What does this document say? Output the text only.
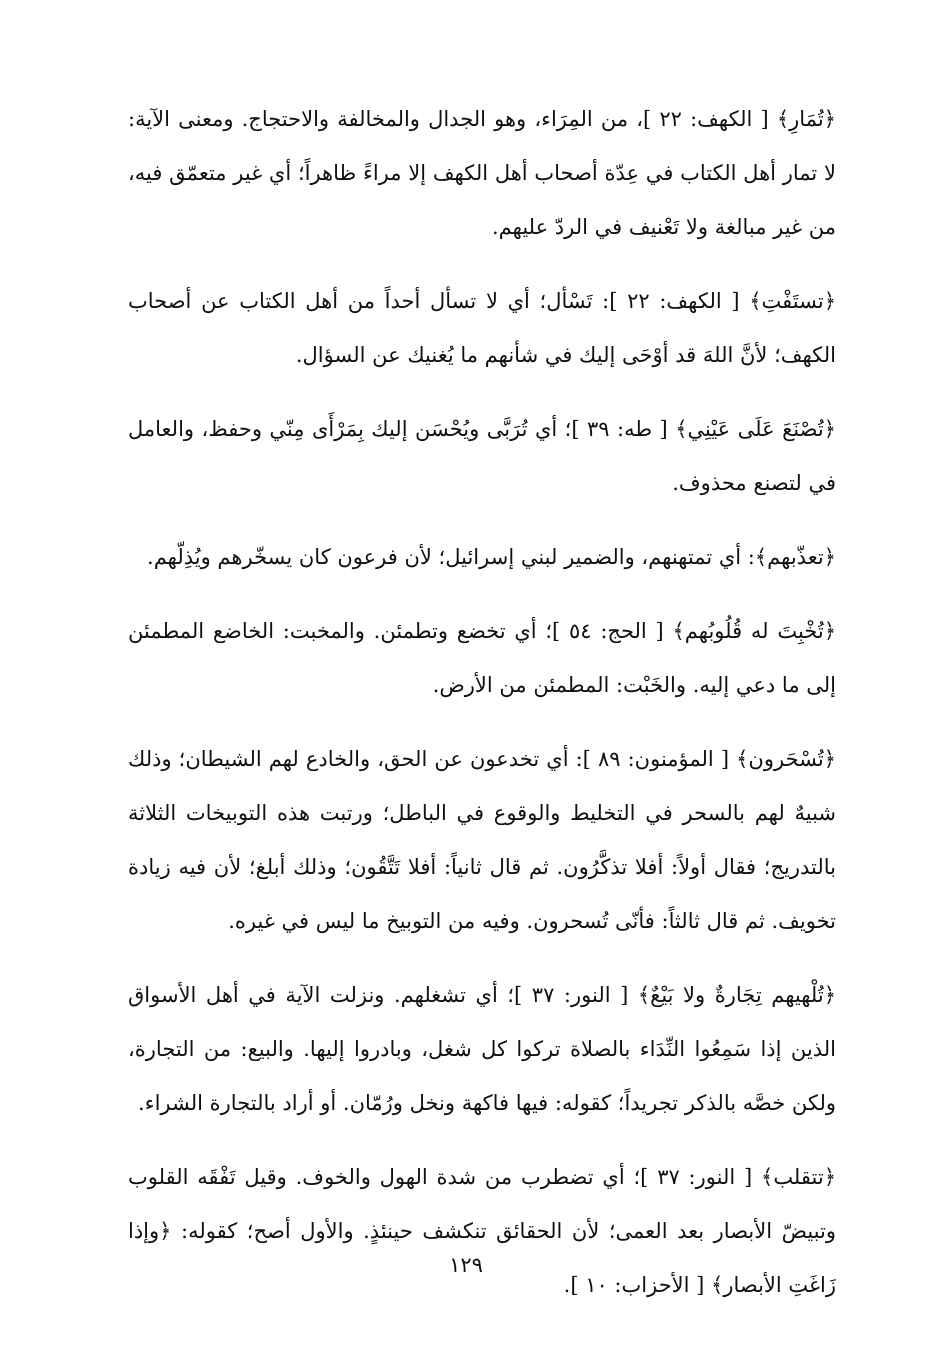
﴿تُمَارِ﴾ [ الكهف: ٢٢ ]، من المِرَاء، وهو الجدال والمخالفة والاحتجاج. ومعنى الآية: لا تمار أهل الكتاب في عِدّة أصحاب أهل الكهف إلا مراءً ظاهراً؛ أي غير متعمّق فيه، من غير مبالغة ولا تَعْنيف في الردّ عليهم.

﴿تستَفْتِ﴾ [ الكهف: ٢٢ ]: تَسْأل؛ أي لا تسأل أحداً من أهل الكتاب عن أصحاب الكهف؛ لأنَّ اللهَ قد أوْحَى إليك في شأنهم ما يُغنيك عن السؤال.

﴿تُصْنَعَ عَلَى عَيْنِي﴾ [ طه: ٣٩ ]؛ أي تُرَبَّى ويُحْسَن إليك بِمَرْأَى مِنّي وحفظ، والعامل في لتصنع محذوف.

﴿تعذّبهم﴾: أي تمتهنهم، والضمير لبني إسرائيل؛ لأن فرعون كان يسخّرهم ويُذِلّهم.

﴿تُخْبِتَ له قُلُوبُهم﴾ [ الحج: ٥٤ ]؛ أي تخضع وتطمئن. والمخبت: الخاضع المطمئن إلى ما دعي إليه. والخَبْت: المطمئن من الأرض.

﴿تُسْحَرون﴾ [ المؤمنون: ٨٩ ]: أي تخدعون عن الحق، والخادع لهم الشيطان؛ وذلك شبيهٌ لهم بالسحر في التخليط والوقوع في الباطل؛ ورتبت هذه التوبيخات الثلاثة بالتدريج؛ فقال أولاً: أفلا تذكَّرُون. ثم قال ثانياً: أفلا تَتَّقُون؛ وذلك أبلغ؛ لأن فيه زيادة تخويف. ثم قال ثالثاً: فأنّى تُسحرون. وفيه من التوبيخ ما ليس في غيره.

﴿تُلْهيهم تِجَارةٌ ولا بَيْعٌ﴾ [ النور: ٣٧ ]؛ أي تشغلهم. ونزلت الآية في أهل الأسواق الذين إذا سَمِعُوا النِّدَاء بالصلاة تركوا كل شغل، وبادروا إليها. والبيع: من التجارة، ولكن خصَّه بالذكر تجريداً؛ كقوله: فيها فاكهة ونخل ورُمّان. أو أراد بالتجارة الشراء.

﴿تتقلب﴾ [ النور: ٣٧ ]؛ أي تضطرب من شدة الهول والخوف. وقيل تَفْقَه القلوب وتبيضّ الأبصار بعد العمى؛ لأن الحقائق تنكشف حينئذٍ. والأول أصح؛ كقوله: ﴿وإذا زَاغَتِ الأبصار﴾ [ الأحزاب: ١٠ ].

١٢٩
